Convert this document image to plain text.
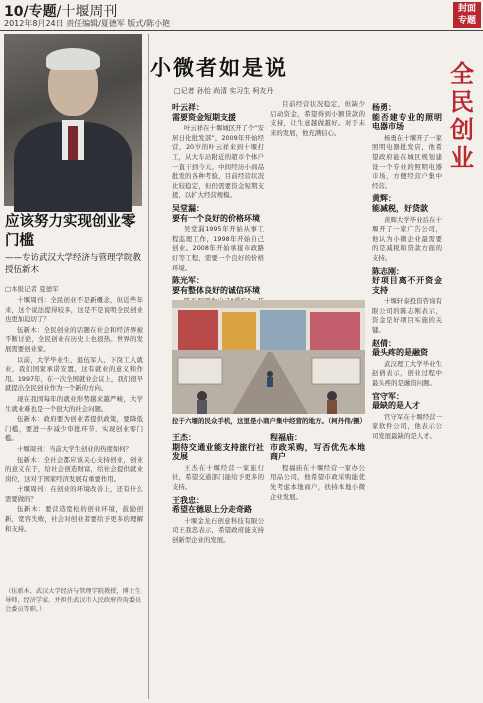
10/专题/十堰周刊
2012年8月24日 责任编辑/夏德军 版式/陈小艳
封面
专题
小微者如是说
□记者 孙怡 尚清 实习生 柯友丹
全民创业
应该努力实现创业零门槛
——专访武汉大学经济与管理学院教授伍新木
□本报记者 夏德军

十堰周刊：全民创业不是新概念，但近些年来，这个说法提得较多，这是不是说明全民创业也更加迫切了？

伍新木：全民创业的话题在社会和经济界被不断讨论，全民创业在历史上也很热。世界的发展需要创业家。

以前，大学毕业生、退伍军人、下岗工人就业，我们国家承诺安置，这有就业的意义和作用。1997年，在一次全国就业会议上，我们很早就提出全民创业作为一个新的方向。

现在我国每年的就业形势越来越严峻，大学生就业难也是一个很大的社会问题。

伍新木：政府要为创业者提供政策，要降低门槛，要进一步减少审批环节，实现创业零门槛。

十堰周刊：当前大学生创业的热度如何？

伍新木：全社会都应该关心支持创业，创业的意义在于，给社会创造财富，给社会提供就业岗位，这对于国家经济发展有重要作用。

十堰周刊：在创业的环境改善上，还有什么需要做的？

伍新木：要营造宽松的创业环境，鼓励创新，宽容失败，社会对创业者要给予更多的理解和支持。

（伍新木，武汉大学经济与管理学院教授，博士生导师，经济学家。并担任武汉市人民政府咨询委员会委员等职。）
叶云祥：
需要资金短期支援

叶云祥在十堰城区开了个“安居日化批发部”，2009年开始经营，20岁的叶云祥来到十堰打工，从大车站附近的超市个体户一直干到今天。中间经历小商品批发的各种考验，目前经营状况比较稳定，但仍需要资金短期支援，以扩大经营规模。

吴堂漏：
要有一个良好的价格环境

吴堂漏1995年开始从事工程监理工作，1998年开始自己创业。2008年开始承接市政路灯等工程，需要一个良好的价格环境。

陈光军：
要有整体良好的诚信环境

目前经营状况稳定，但缺少启动资金，希望得到小额贷款的支持，让生意越做越好。对于未来的发展，他充满信心。

杨勇：
能否建专业的照明电器市场

杨勇在十堰开了一家照明电器批发店，他希望政府能在城区规划建设一个专业的照明电器市场，方便经营户集中经营。

黄辉：
能减税，好贷款

黄辉大学毕业后在十堰开了一家广告公司，他认为小微企业最需要的是减税和贷款方面的支持。

陈志刚：
好项目离不开资金支持

十堰轩泰投资咨询有限公司的陈志刚表示，资金是好项目实施的关键。

赵倩：
最头疼的是融资

武汉理工大学毕业生赵倩表示，创业过程中最头疼的是融资问题。

官守军：
最缺的是人才

官守军在十堰经营一家软件公司，他表示公司发展最缺的是人才。

拉于六堰的民众手机，这里是小商户集中经营的地方。（柯丹伟/摄）
王杰：
期待交通业能支持旅行社发展

王杰在十堰经营一家旅行社，希望交通部门能给予更多的支持。

王我忠：
希望在德思上分走奇路

十堰金龙石创意科技有限公司王我忠表示，希望政府能支持创新型企业的发展。

程福庙：
市政采购，写否优先本地商户

程福庙在十堰经营一家办公用品公司，他希望市政采购能优先考虑本地商户，扶持本地小微企业发展。
